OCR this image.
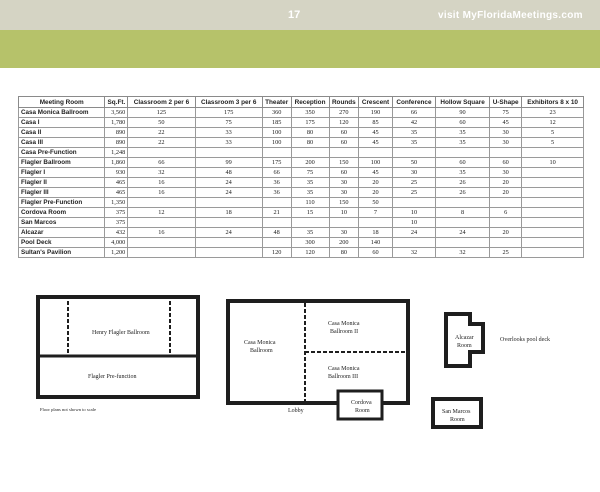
17	visit MyFloridaMeetings.com
Meeting Room	Sq.Ft.	Classroom 2 per 6	Classroom 3 per 6	Theater	Reception	Rounds	Crescent	Conference	Hollow Square	U-Shape	Exhibitors 8 x 10
Casa Monica Ballroom	3,560	125	175	360	350	270	190	66	90	75	23
Casa I	1,780	50	75	185	175	120	85	42	60	45	12
Casa II	890	22	33	100	80	60	45	35	35	30	5
Casa III	890	22	33	100	80	60	45	35	35	30	5
Casa Pre-Function	1,248										
Flagler Ballroom	1,860	66	99	175	200	150	100	50	60	60	10
Flagler I	930	32	48	66	75	60	45	30	35	30	
Flagler II	465	16	24	36	35	30	20	25	26	20	
Flagler III	465	16	24	36	35	30	20	25	26	20	
Flagler Pre-Function	1,350				110	150	50				
Cordova Room	375	12	18	21	15	10	7	10	8	6	
San Marcos	375							10			
Alcazar	432	16	24	48	35	30	18	24	24	20	
Pool Deck	4,000				300	200	140				
Sultan's Pavilion	1,200			120	120	80	60	32	32	25	
Henry Flagler Ballroom
Flagler Pre-function
Floor plans not shown to scale
Casa Monica
Ballroom
Casa Monica
Ballroom II
Casa Monica
Ballroom III
Lobby
Cordova
Room
Alcazar
Room
Overlooks pool deck
San Marcos
Room
